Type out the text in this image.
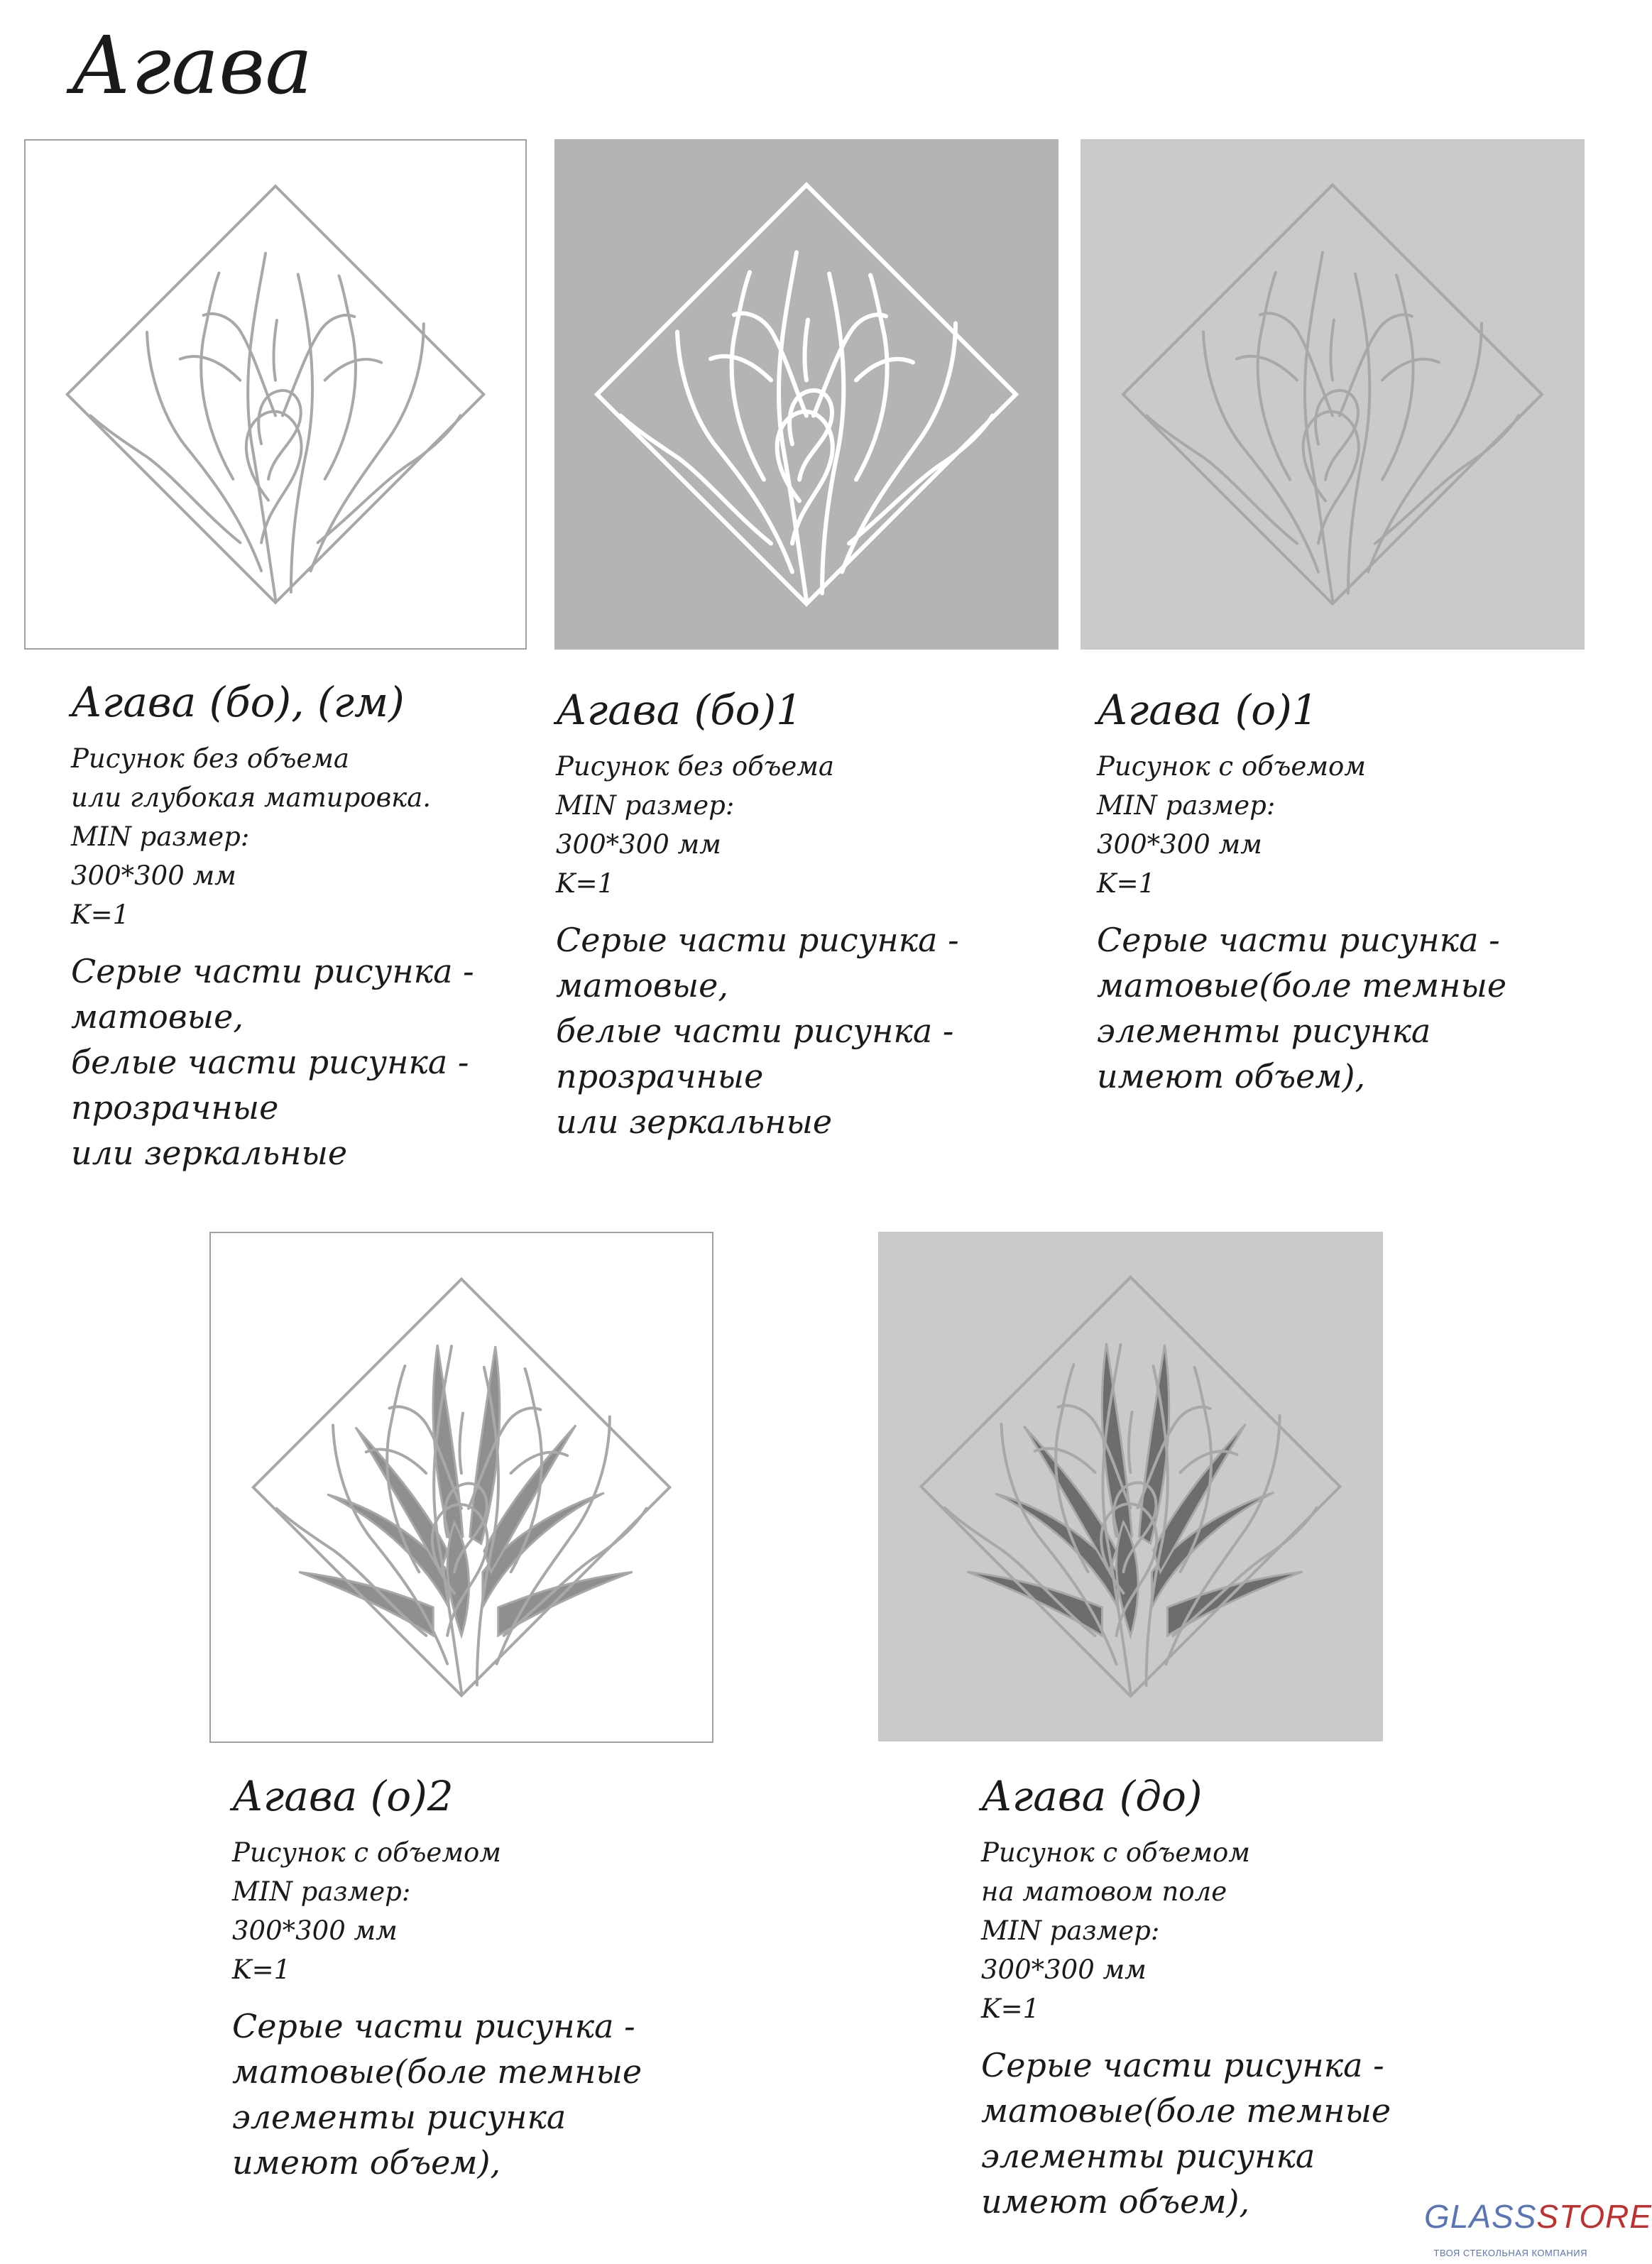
Агава
Агава (бо), (гм)

Рисунок без объема
или глубокая матировка.
MIN размер:
300*300 мм
K=1

Серые части рисунка -
матовые,
белые части рисунка -
прозрачные
или зеркальные

Агава (бо)1

Рисунок без объема
MIN размер:
300*300 мм
K=1

Серые части рисунка -
матовые,
белые части рисунка -
прозрачные
или зеркальные

Агава (о)1

Рисунок с объемом
MIN размер:
300*300 мм
K=1

Серые части рисунка -
матовые(боле темные
элементы рисунка
имеют объем),

Агава (о)2

Рисунок с объемом
MIN размер:
300*300 мм
K=1

Серые части рисунка -
матовые(боле темные
элементы рисунка
имеют объем),

Агава (до)

Рисунок с объемом
на матовом поле
MIN размер:
300*300 мм
K=1

Серые части рисунка -
матовые(боле темные
элементы рисунка
имеют объем),	GLASSSTORE
ТВОЯ СТЕКОЛЬНАЯ КОМПАНИЯ
